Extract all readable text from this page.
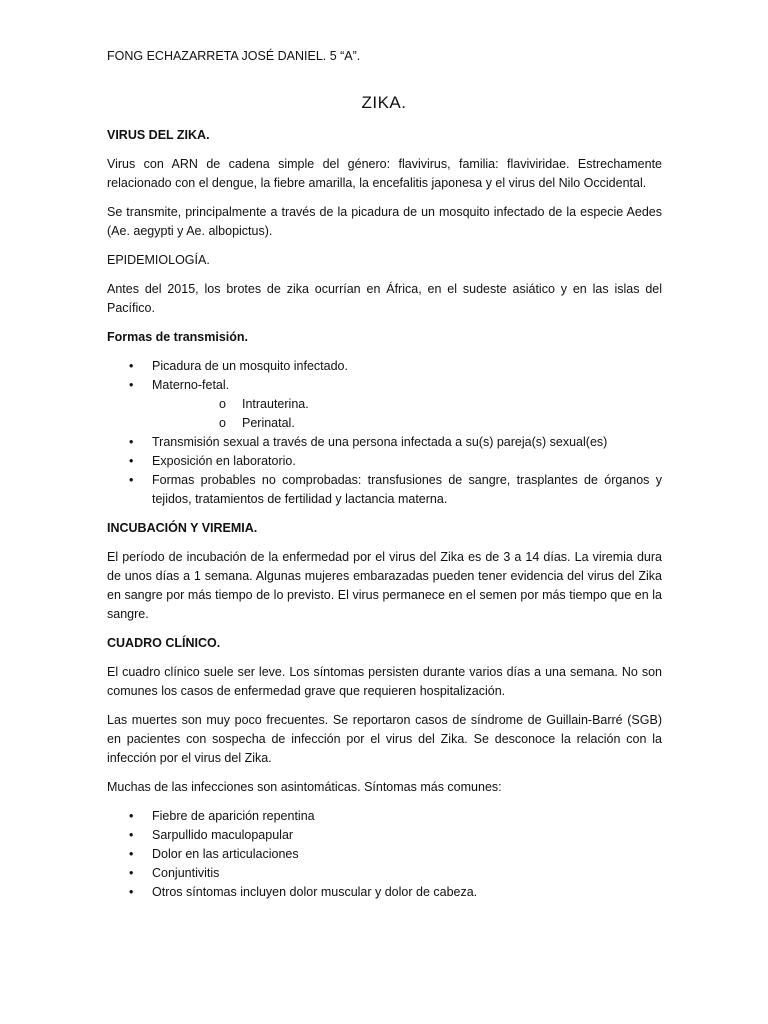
FONG ECHAZARRETA JOSÉ DANIEL. 5 “A”.
ZIKA.
VIRUS DEL ZIKA.

Virus con ARN de cadena simple del género: flavivirus, familia: flaviviridae. Estrechamente relacionado con el dengue, la fiebre amarilla, la encefalitis japonesa y el virus del Nilo Occidental.

Se transmite, principalmente a través de la picadura de un mosquito infectado de la especie Aedes (Ae. aegypti y Ae. albopictus).

EPIDEMIOLOGÍA.

Antes del 2015, los brotes de zika ocurrían en África, en el sudeste asiático y en las islas del Pacífico.

Formas de transmisión.
• Picadura de un mosquito infectado.
• Materno-fetal.
o Intrauterina.
o Perinatal.
• Transmisión sexual a través de una persona infectada a su(s) pareja(s) sexual(es)
• Exposición en laboratorio.
• Formas probables no comprobadas: transfusiones de sangre, trasplantes de órganos y tejidos, tratamientos de fertilidad y lactancia materna.
INCUBACIÓN Y VIREMIA.

El período de incubación de la enfermedad por el virus del Zika es de 3 a 14 días. La viremia dura de unos días a 1 semana. Algunas mujeres embarazadas pueden tener evidencia del virus del Zika en sangre por más tiempo de lo previsto. El virus permanece en el semen por más tiempo que en la sangre.

CUADRO CLÍNICO.

El cuadro clínico suele ser leve. Los síntomas persisten durante varios días a una semana. No son comunes los casos de enfermedad grave que requieren hospitalización.

Las muertes son muy poco frecuentes. Se reportaron casos de síndrome de Guillain-Barré (SGB) en pacientes con sospecha de infección por el virus del Zika. Se desconoce la relación con la infección por el virus del Zika.

Muchas de las infecciones son asintomáticas. Síntomas más comunes:

• Fiebre de aparición repentina
• Sarpullido maculopapular
• Dolor en las articulaciones
• Conjuntivitis
• Otros síntomas incluyen dolor muscular y dolor de cabeza.
